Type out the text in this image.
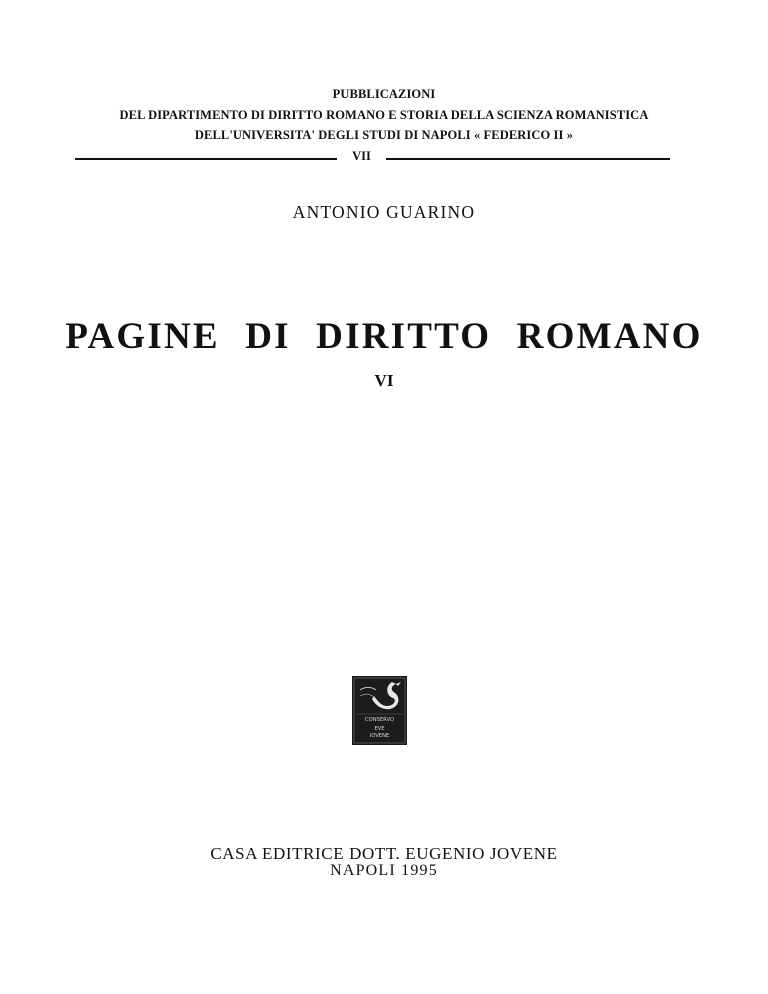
PUBBLICAZIONI
DEL DIPARTIMENTO DI DIRITTO ROMANO E STORIA DELLA SCIENZA ROMANISTICA
DELL'UNIVERSITA' DEGLI STUDI DI NAPOLI « FEDERICO II »
VII
ANTONIO GUARINO
PAGINE DI DIRITTO ROMANO
VI
CONSERVO
EVE
IOVENE
CASA EDITRICE DOTT. EUGENIO JOVENE
NAPOLI 1995
